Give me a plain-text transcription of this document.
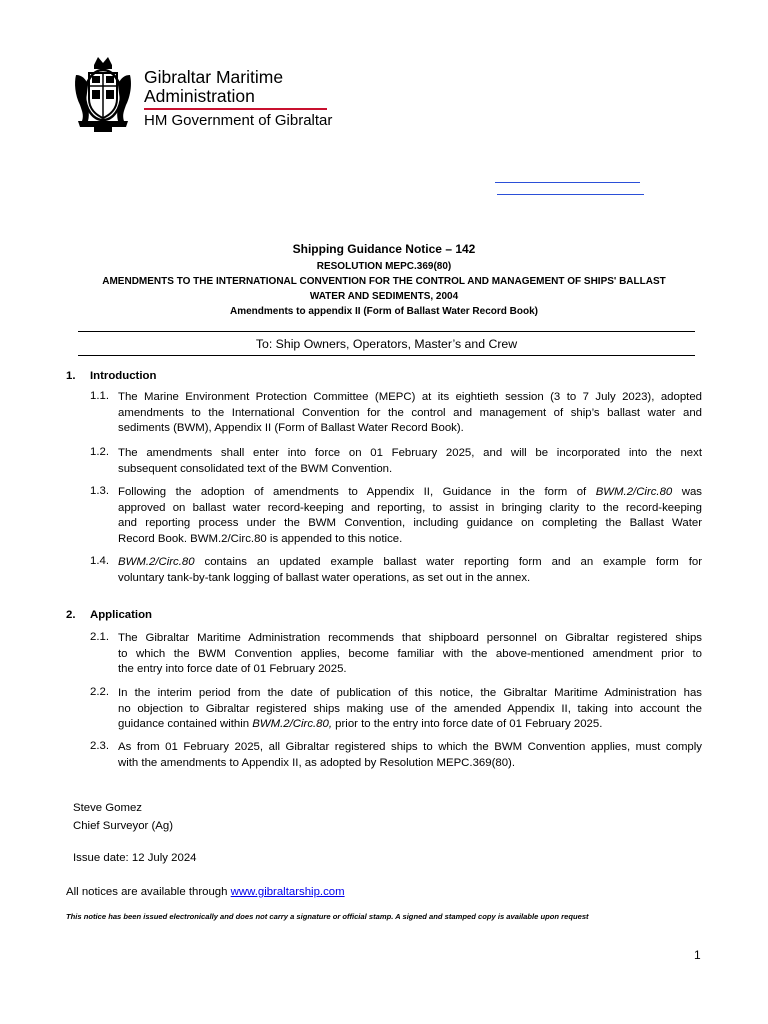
Gibraltar Maritime
Administration
HM Government of Gibraltar
Shipping Guidance Notice – 142
RESOLUTION MEPC.369(80)
AMENDMENTS TO THE INTERNATIONAL CONVENTION FOR THE CONTROL AND MANAGEMENT OF SHIPS' BALLAST
WATER AND SEDIMENTS, 2004
Amendments to appendix II (Form of Ballast Water Record Book)
To: Ship Owners, Operators, Master’s and Crew
1. Introduction
1.1. The Marine Environment Protection Committee (MEPC) at its eightieth session (3 to 7 July 2023), adopted
amendments to the International Convention for the control and management of ship’s ballast water and
sediments (BWM), Appendix II (Form of Ballast Water Record Book).
1.2. The amendments shall enter into force on 01 February 2025, and will be incorporated into the next
subsequent consolidated text of the BWM Convention.
1.3. Following the adoption of amendments to Appendix II, Guidance in the form of BWM.2/Circ.80 was
approved on ballast water record-keeping and reporting, to assist in bringing clarity to the record-keeping
and reporting process under the BWM Convention, including guidance on completing the Ballast Water
Record Book. BWM.2/Circ.80 is appended to this notice.
1.4. BWM.2/Circ.80 contains an updated example ballast water reporting form and an example form for
voluntary tank-by-tank logging of ballast water operations, as set out in the annex.
2. Application
2.1. The Gibraltar Maritime Administration recommends that shipboard personnel on Gibraltar registered ships
to which the BWM Convention applies, become familiar with the above-mentioned amendment prior to
the entry into force date of 01 February 2025.
2.2. In the interim period from the date of publication of this notice, the Gibraltar Maritime Administration has
no objection to Gibraltar registered ships making use of the amended Appendix II, taking into account the
guidance contained within BWM.2/Circ.80, prior to the entry into force date of 01 February 2025.
2.3. As from 01 February 2025, all Gibraltar registered ships to which the BWM Convention applies, must comply
with the amendments to Appendix II, as adopted by Resolution MEPC.369(80).
Steve Gomez
Chief Surveyor (Ag)
Issue date: 12 July 2024
All notices are available through www.gibraltarship.com
This notice has been issued electronically and does not carry a signature or official stamp. A signed and stamped copy is available upon request
1
